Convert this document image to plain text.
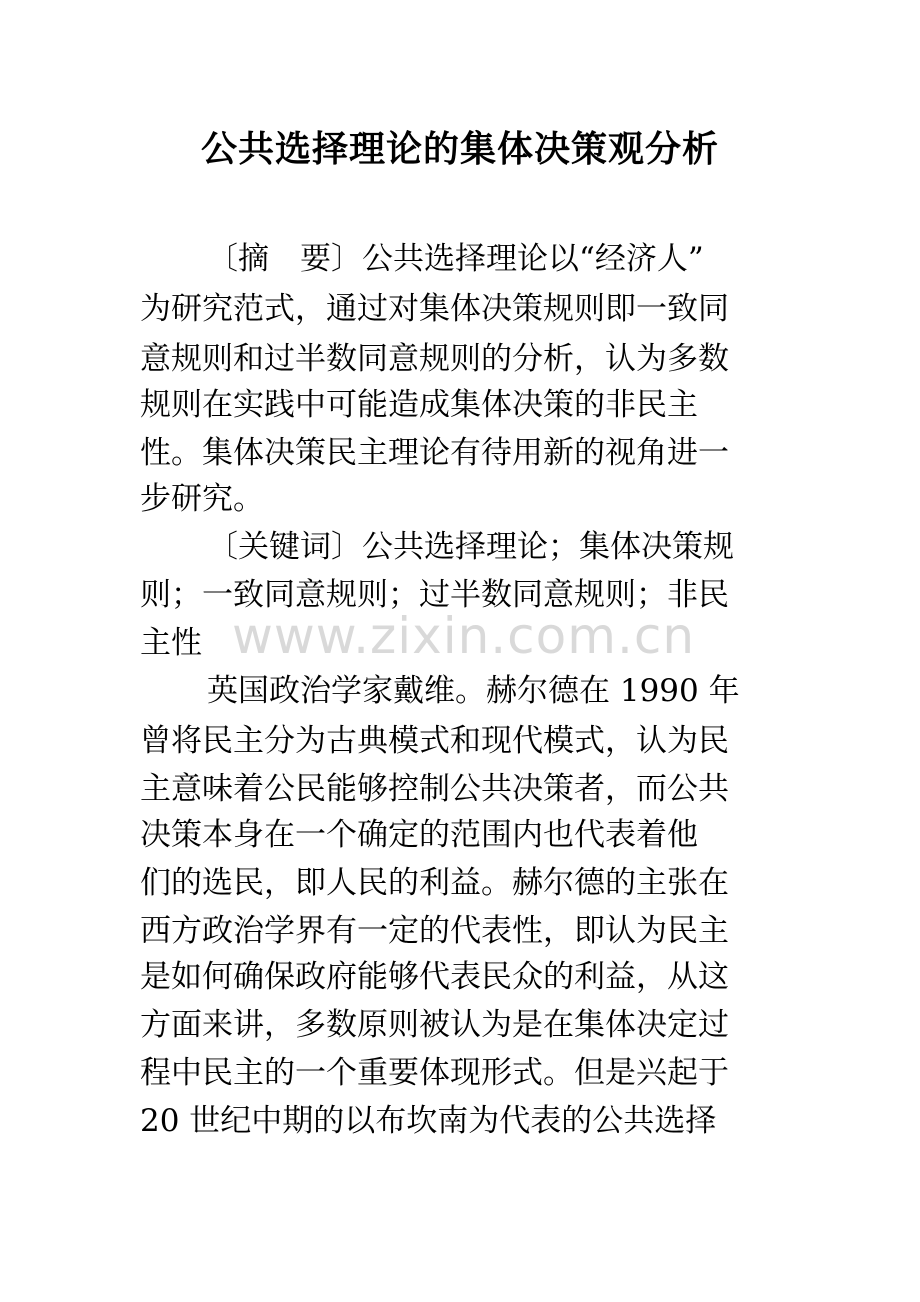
公共选择理论的集体决策观分析

〔摘　要〕公共选择理论以“经济人”

为研究范式，通过对集体决策规则即一致同

意规则和过半数同意规则的分析，认为多数

规则在实践中可能造成集体决策的非民主

性。集体决策民主理论有待用新的视角进一

步研究。

〔关键词〕公共选择理论；集体决策规

则；一致同意规则；过半数同意规则；非民

主性 www.zixin.com.cn

英国政治学家戴维。赫尔德在 1990 年

曾将民主分为古典模式和现代模式，认为民

主意味着公民能够控制公共决策者，而公共

决策本身在一个确定的范围内也代表着他

们的选民，即人民的利益。赫尔德的主张在

西方政治学界有一定的代表性，即认为民主

是如何确保政府能够代表民众的利益，从这

方面来讲，多数原则被认为是在集体决定过

程中民主的一个重要体现形式。但是兴起于

20 世纪中期的以布坎南为代表的公共选择
